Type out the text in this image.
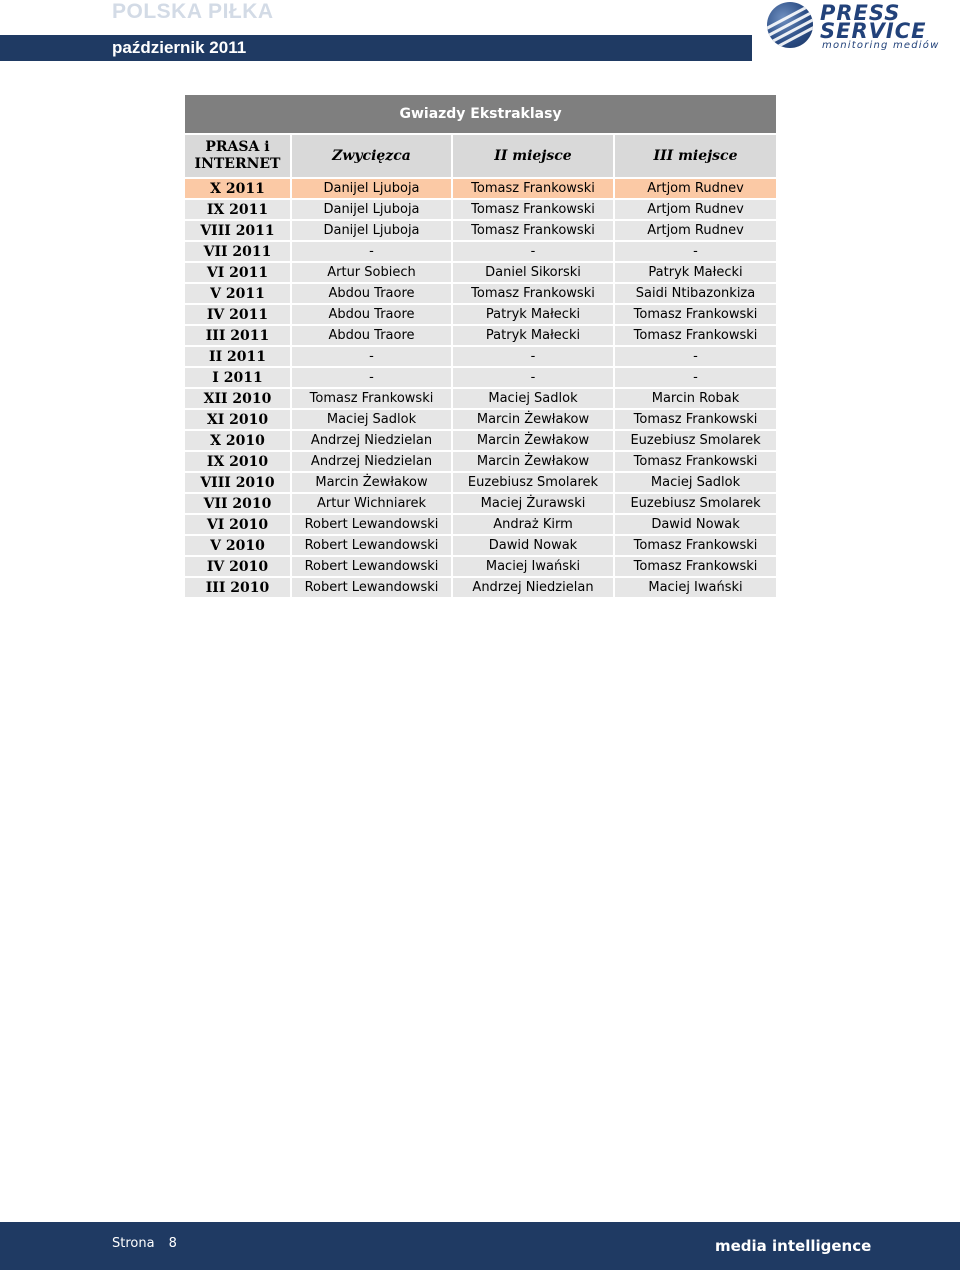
POLSKA PIŁKA
październik 2011
PRESS
SERVICE
monitoring mediów
Gwiazdy Ekstraklasy			
PRASA i INTERNET	Zwycięzca	II miejsce	III miejsce
X 2011	Danijel Ljuboja	Tomasz Frankowski	Artjom Rudnev
IX 2011	Danijel Ljuboja	Tomasz Frankowski	Artjom Rudnev
VIII 2011	Danijel Ljuboja	Tomasz Frankowski	Artjom Rudnev
VII 2011	-	-	-
VI 2011	Artur Sobiech	Daniel Sikorski	Patryk Małecki
V 2011	Abdou Traore	Tomasz Frankowski	Saidi Ntibazonkiza
IV 2011	Abdou Traore	Patryk Małecki	Tomasz Frankowski
III 2011	Abdou Traore	Patryk Małecki	Tomasz Frankowski
II 2011	-	-	-
I 2011	-	-	-
XII 2010	Tomasz Frankowski	Maciej Sadlok	Marcin Robak
XI 2010	Maciej Sadlok	Marcin Żewłakow	Tomasz Frankowski
X 2010	Andrzej Niedzielan	Marcin Żewłakow	Euzebiusz Smolarek
IX 2010	Andrzej Niedzielan	Marcin Żewłakow	Tomasz Frankowski
VIII 2010	Marcin Żewłakow	Euzebiusz Smolarek	Maciej Sadlok
VII 2010	Artur Wichniarek	Maciej Żurawski	Euzebiusz Smolarek
VI 2010	Robert Lewandowski	Andraż Kirm	Dawid Nowak
V 2010	Robert Lewandowski	Dawid Nowak	Tomasz Frankowski
IV 2010	Robert Lewandowski	Maciej Iwański	Tomasz Frankowski
III 2010	Robert Lewandowski	Andrzej Niedzielan	Maciej Iwański
Strona 8	media intelligence
